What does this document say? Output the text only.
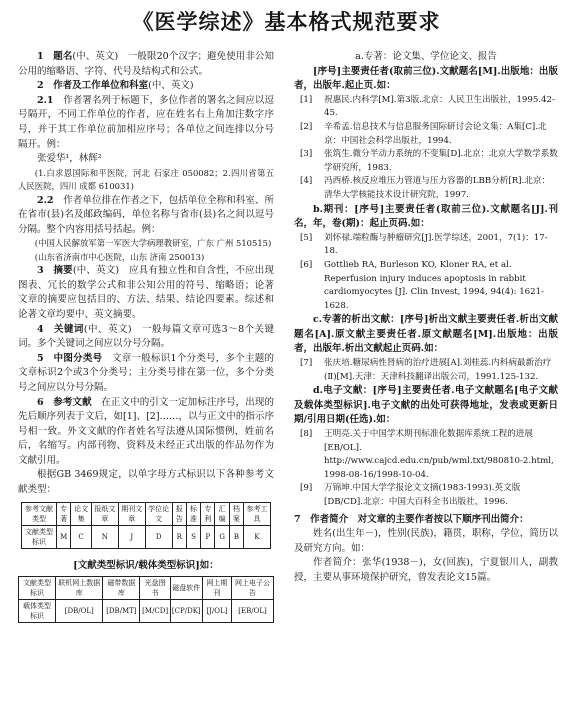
《医学综述》基本格式规范要求

1　题名(中、英文)　一般限20个汉字；避免使用非公知公用的缩略语、字符、代号及结构式和公式。

2　作者及工作单位和科室(中、英文)

2.1　作者署名列于标题下，多位作者的署名之间应以逗号隔开，不同工作单位的作者，应在姓名右上角加注数字序号，并于其工作单位前加相应序号；各单位之间连排以分号隔开。例：

张爱华¹，林辉²

(1.白求恩国际和平医院，河北 石家庄 050082；2.四川省第五人民医院，四川 成都 610031)

2.2　作者单位排在作者之下，包括单位全称和科室、所在省市(县)名及邮政编码，单位名称与省市(县)名之间以逗号分隔。整个内容用括号括起。例：

(中国人民解放军第一军医大学病理教研室，广东 广州 510515)

(山东省济南市中心医院，山东 济南 250013)

3　摘要(中、英文)　应具有独立性和自含性，不应出现图表、冗长的数学公式和非公知公用的符号、缩略语；论著文章的摘要应包括目的、方法、结果、结论四要素。综述和论著文章均要中、英文摘要。

4　关键词(中、英文)　一般每篇文章可选3～8个关键词。多个关键词之间应以分号分隔。

5　中图分类号　文章一般标识1个分类号，多个主题的文章标识2个或3个分类号；主分类号排在第一位，多个分类号之间应以分号分隔。

6　参考文献　在正文中的引文一定加标注序号，出现的先后顺序列表于文后，如[1]、[2]……，以与正文中的指示序号相一致。外文文献的作者姓名写法遵从国际惯例，姓前名后，名缩写。内部刊物、资料及未经正式出版的作品勿作为文献引用。

根据GB 3469规定，以单字母方式标识以下各种参考文献类型：

参考文献类型	专著	论文集	报纸文章	期刊文章	学位论文	报告	标准	专利	汇编	档案	参考工具
文献类型标识	M	C	N	J	D	R	S	P	G	B	K

[文献类型标识/载体类型标识]如：

文献类型标识	联机网上数据库	磁带数据库	光盘图书	磁盘软件	网上期刊	网上电子公告
载体类型标识	[DB/OL]	[DB/MT]	[M/CD]	[CP/DK]	[J/OL]	[EB/OL]

a.专著：论文集、学位论文、报告

[序号]主要责任者(取前三位).文献题名[M].出版地：出版者，出版年.起止页.如：

[1] 祝惠民.内科学[M].第3版.北京：人民卫生出版社，1995.42-45.
[2] 辛希孟.信息技术与信息服务国际研讨会论文集：A集[C].北京：中国社会科学出版社，1994.
[3] 张筑生.微分半动力系统的不变集[D].北京：北京大学数学系数学研究所，1983.
[4] 冯西桥.核反应堆压力管道与压力容器的LBB分析[R].北京：清华大学核能技术设计研究院，1997.

b.期刊：[序号]主要责任者(取前三位).文献题名[J].刊名，年，卷(期)：起止页码.如：

[5] 刘怀禄.端粒酶与肿瘤研究[J].医学综述，2001，7(1)：17-18.
[6] Gottlieb RA, Burleson KO, Kloner RA, et al. Reperfusion injury induces apoptosis in rabbit cardiomyocytes [J]. Clin Invest, 1994, 94(4): 1621-1628.

c.专著的析出文献：[序号]析出文献主要责任者.析出文献题名[A].原文献主要责任者.原文献题名[M].出版地：出版者，出版年.析出文献起止页码.如：

[7] 张庆培.糖尿病性肾病的治疗进展[A].刘桂蕊.内科病最新治疗(Ⅱ)[M].天津：天津科技翻译出版公司，1991.125-132.

d.电子文献：[序号]主要责任者.电子文献题名[电子文献及载体类型标识].电子文献的出处可获得地址，发表或更新日期/引用日期(任选).如：

[8] 王明亮.关于中国学术期刊标准化数据库系统工程的进展[EB/OL]. http://www.cajcd.edu.cn/pub/wml.txt/980810-2.html, 1998-08-16/1998-10-04.
[9] 万锦坤.中国大学学报论文文摘(1983-1993).英文版[DB/CD].北京：中国大百科全书出版社，1996.

7　作者简介　对文章的主要作者按以下顺序刊出简介：

姓名(出生年－)，性别(民族)，籍贯，职称，学位，简历以及研究方向。如：

作者简介：张华(1938－)，女(回族)，宁夏银川人，副教授，主要从事环境保护研究，曾发表论文15篇。
